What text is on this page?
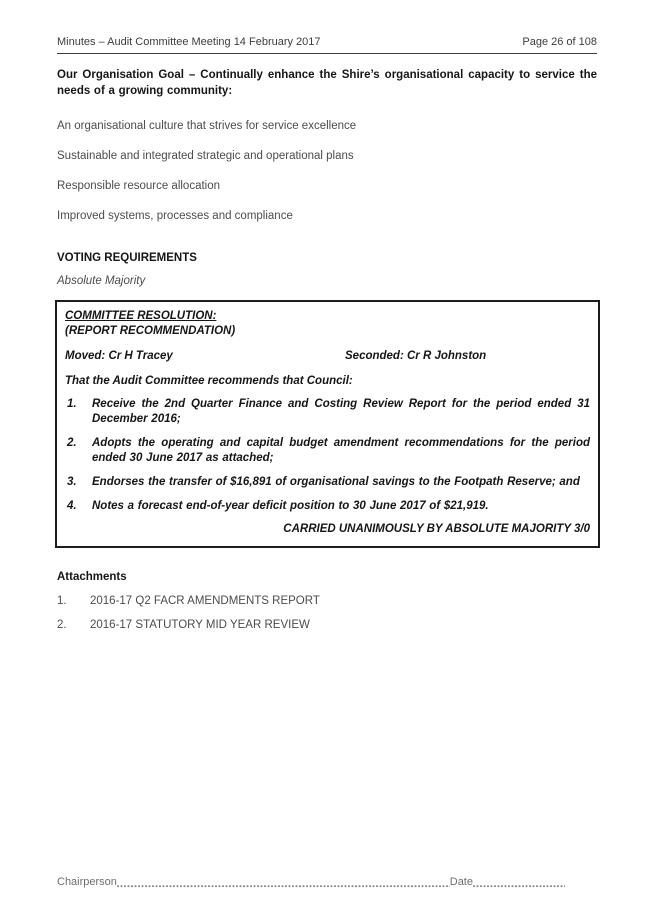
Minutes – Audit Committee Meeting 14 February 2017	Page 26 of 108
Our Organisation Goal – Continually enhance the Shire’s organisational capacity to service the needs of a growing community:
An organisational culture that strives for service excellence
Sustainable and integrated strategic and operational plans
Responsible resource allocation
Improved systems, processes and compliance
VOTING REQUIREMENTS
Absolute Majority
COMMITTEE RESOLUTION:
(REPORT RECOMMENDATION)
Moved: Cr H Tracey	Seconded: Cr R Johnston
That the Audit Committee recommends that Council:
1.	Receive the 2nd Quarter Finance and Costing Review Report for the period ended 31 December 2016;
2.	Adopts the operating and capital budget amendment recommendations for the period ended 30 June 2017 as attached;
3.	Endorses the transfer of $16,891 of organisational savings to the Footpath Reserve; and
4.	Notes a forecast end-of-year deficit position to 30 June 2017 of $21,919.
CARRIED UNANIMOUSLY BY ABSOLUTE MAJORITY 3/0
Attachments
1.	2016-17 Q2 FACR AMENDMENTS REPORT
2.	2016-17 STATUTORY MID YEAR REVIEW
Chairperson	Date
